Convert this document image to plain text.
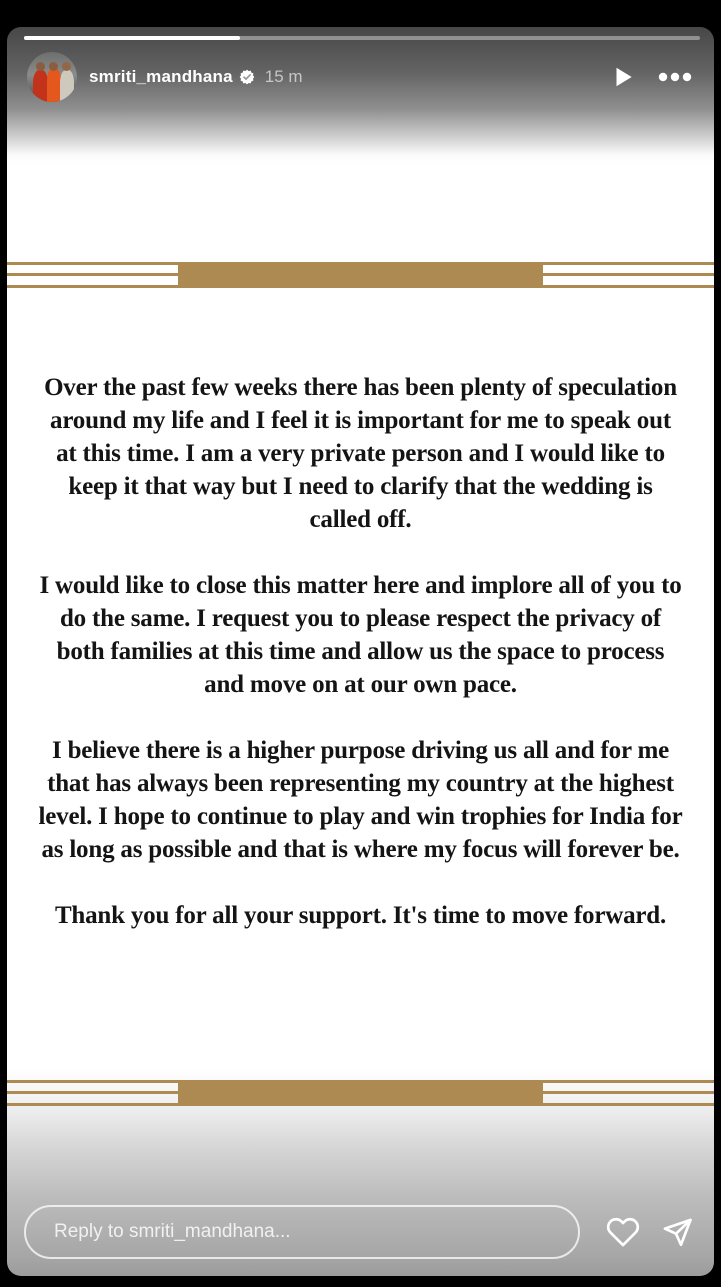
smriti_mandhana 15 m

Over the past few weeks there has been plenty of speculation around my life and I feel it is important for me to speak out at this time. I am a very private person and I would like to keep it that way but I need to clarify that the wedding is called off.

I would like to close this matter here and implore all of you to do the same. I request you to please respect the privacy of both families at this time and allow us the space to process and move on at our own pace.

I believe there is a higher purpose driving us all and for me that has always been representing my country at the highest level. I hope to continue to play and win trophies for India for as long as possible and that is where my focus will forever be.

Thank you for all your support. It's time to move forward.

Reply to smriti_mandhana...
